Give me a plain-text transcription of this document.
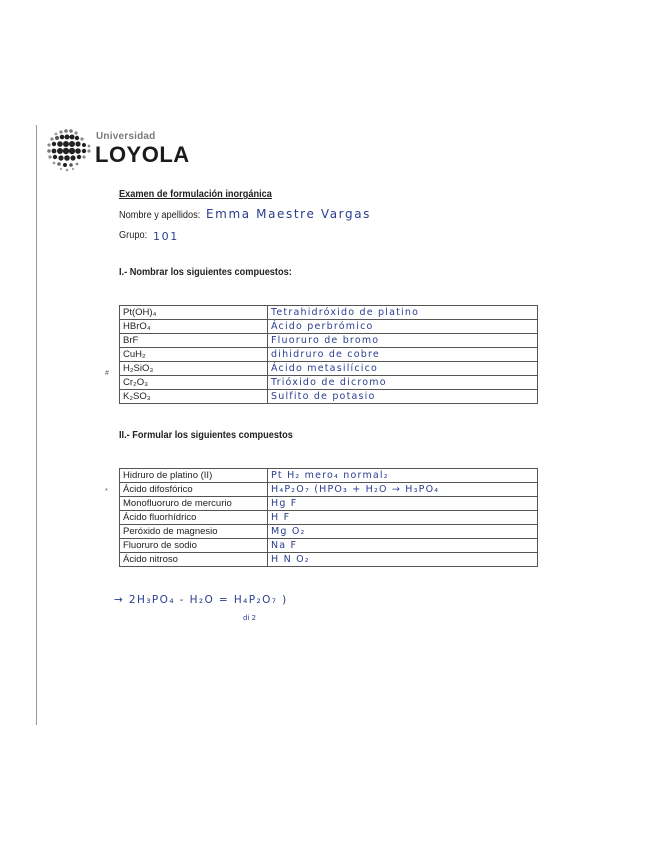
Universidad
LOYOLA
Examen de formulación inorgánica
Nombre y apellidos: Emma Maestre Vargas
Grupo: 101
I.- Nombrar los siguientes compuestos:
#
Pt(OH)₄	Tetrahidróxido de platino
HBrO₄	Ácido perbrómico
BrF	Fluoruro de bromo
CuH₂	dihidruro de cobre
H₂SiO₃	Ácido metasilícico
Cr₂O₃	Trióxido de dicromo
K₂SO₃	Sulfito de potasio
II.- Formular los siguientes compuestos
*
Hidruro de platino (II)	Pt H₂ mero₄ normal₂
Ácido difosfórico	H₄P₂O₇ (HPO₃ + H₂O → H₃PO₄
Monofluoruro de mercurio	Hg F
Ácido fluorhídrico	H F
Peróxido de magnesio	Mg O₂
Fluoruro de sodio	Na F
Ácido nitroso	H N O₂
→ 2H₃PO₄ - H₂O = H₄P₂O₇ )
di 2
